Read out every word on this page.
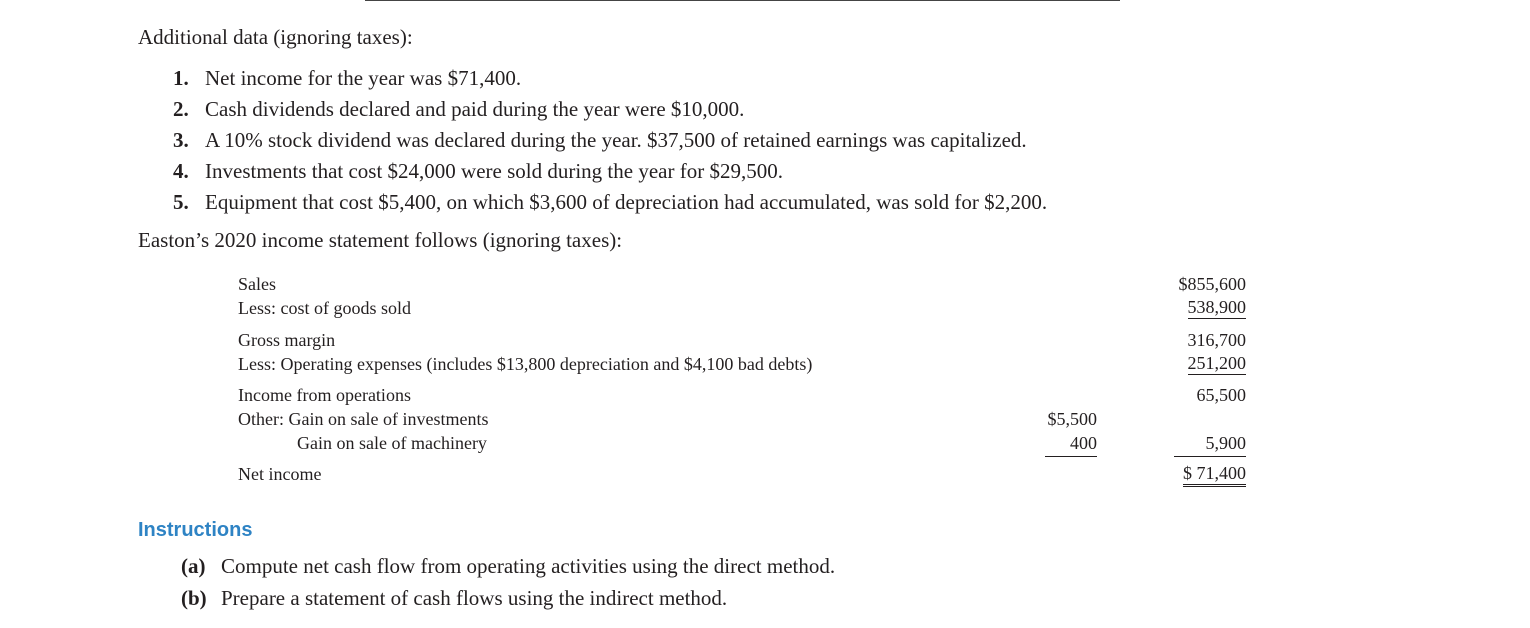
Additional data (ignoring taxes):
1. Net income for the year was $71,400.
2. Cash dividends declared and paid during the year were $10,000.
3. A 10% stock dividend was declared during the year. $37,500 of retained earnings was capitalized.
4. Investments that cost $24,000 were sold during the year for $29,500.
5. Equipment that cost $5,400, on which $3,600 of depreciation had accumulated, was sold for $2,200.
Easton’s 2020 income statement follows (ignoring taxes):
Sales	$855,600
Less: cost of goods sold	538,900
Gross margin	316,700
Less: Operating expenses (includes $13,800 depreciation and $4,100 bad debts)	251,200
Income from operations	65,500
Other: Gain on sale of investments	$5,500
Gain on sale of machinery	400	5,900
Net income	$ 71,400
Instructions
(a) Compute net cash flow from operating activities using the direct method.
(b) Prepare a statement of cash flows using the indirect method.
